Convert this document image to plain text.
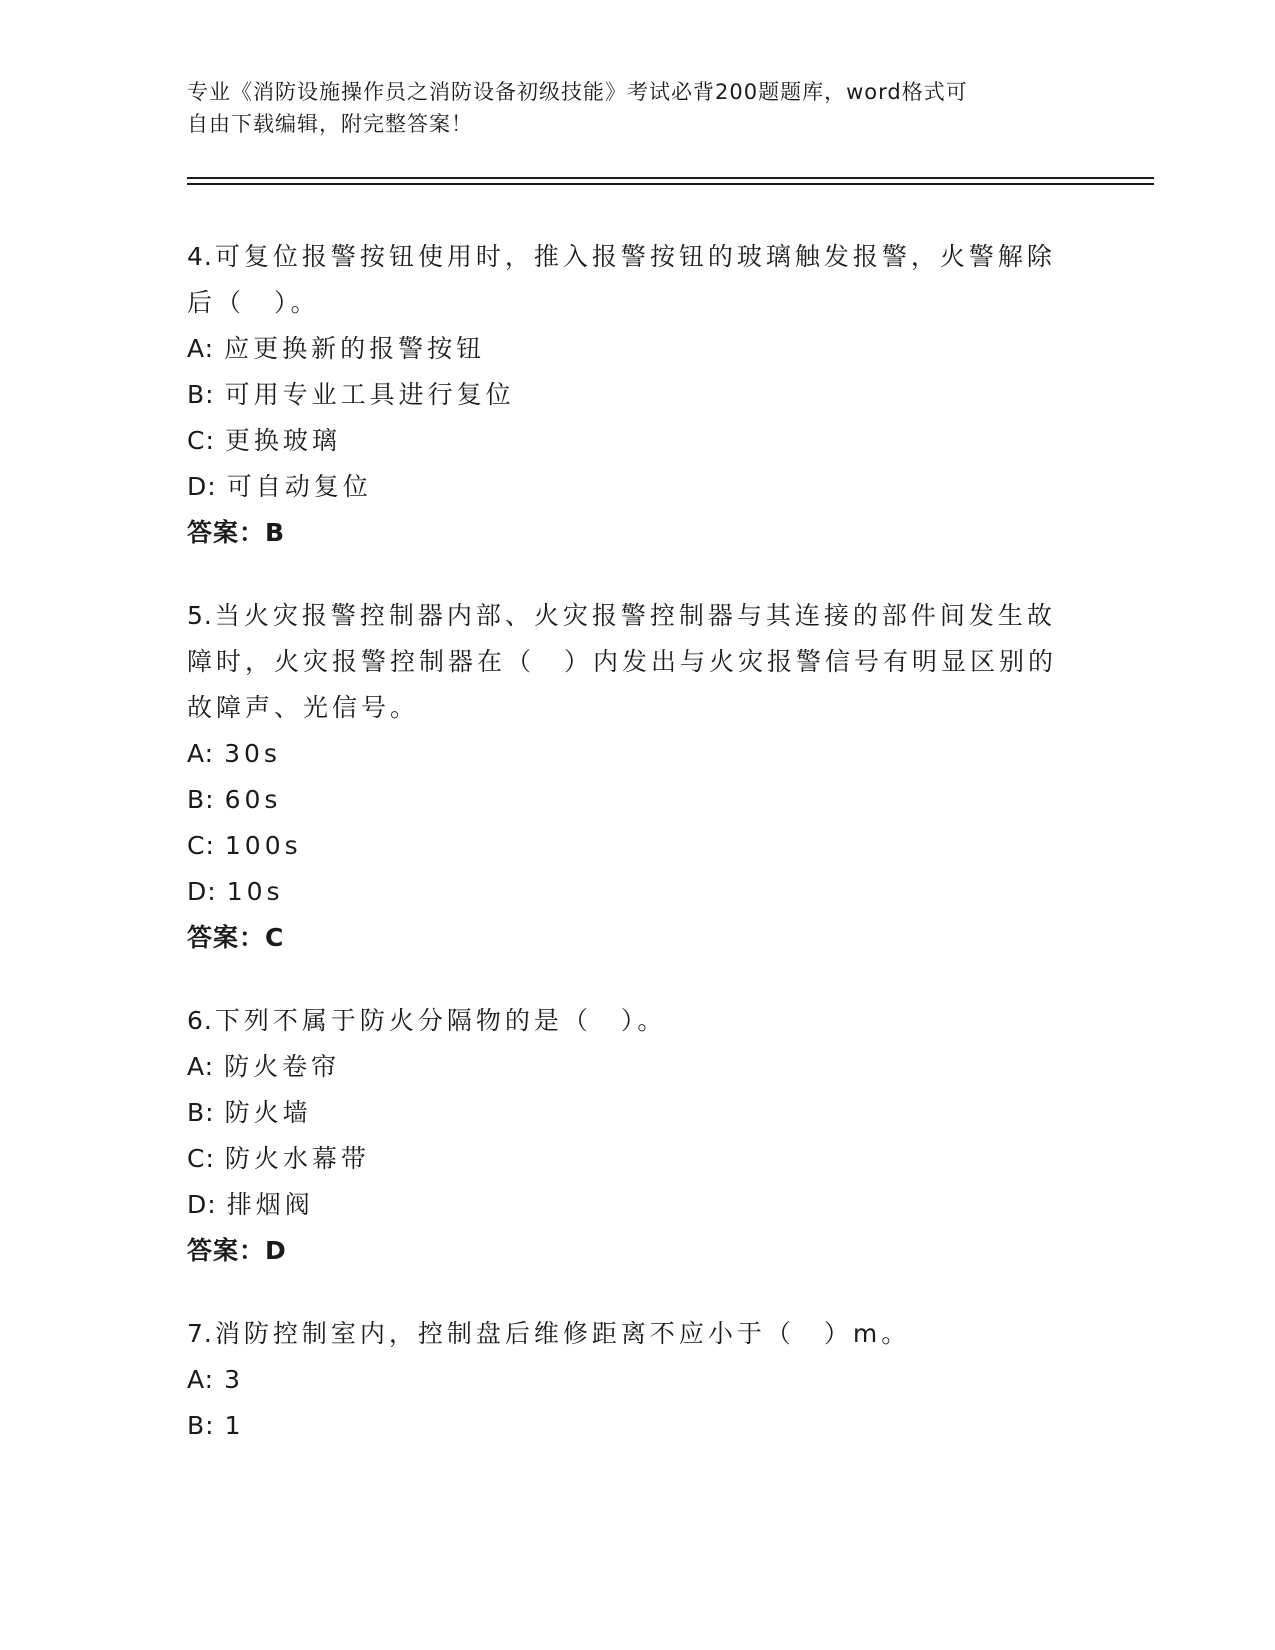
专业《消防设施操作员之消防设备初级技能》考试必背200题题库，word格式可
自由下载编辑，附完整答案！
4.可复位报警按钮使用时，推入报警按钮的玻璃触发报警，火警解除后（　）。
A: 应更换新的报警按钮
B: 可用专业工具进行复位
C: 更换玻璃
D: 可自动复位
答案：B
5.当火灾报警控制器内部、火灾报警控制器与其连接的部件间发生故障时，火灾报警控制器在（　）内发出与火灾报警信号有明显区别的故障声、光信号。
A: 30s
B: 60s
C: 100s
D: 10s
答案：C
6.下列不属于防火分隔物的是（　）。
A: 防火卷帘
B: 防火墙
C: 防火水幕带
D: 排烟阀
答案：D
7.消防控制室内，控制盘后维修距离不应小于（　）m。
A: 3
B: 1
